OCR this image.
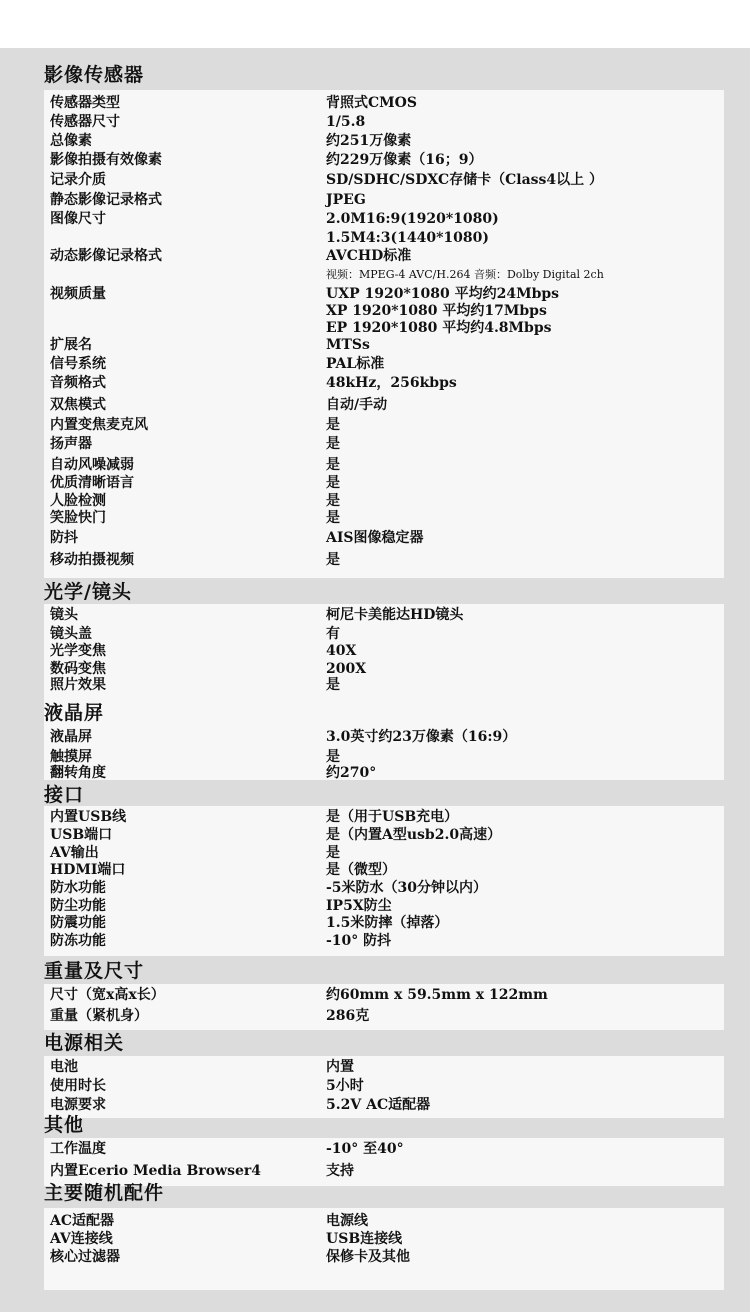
影像传感器
传感器类型	背照式CMOS
传感器尺寸	1/5.8
总像素	约251万像素
影像拍摄有效像素	约229万像素（16；9）
记录介质	SD/SDHC/SDXC存储卡（Class4以上 ）
静态影像记录格式	JPEG
图像尺寸	2.0M16:9(1920*1080)
1.5M4:3(1440*1080)
动态影像记录格式	AVCHD标准
视频：MPEG-4 AVC/H.264 音频：Dolby Digital 2ch
视频质量	UXP 1920*1080 平均约24Mbps
XP 1920*1080 平均约17Mbps
EP 1920*1080 平均约4.8Mbps
扩展名	MTSs
信号系统	PAL标准
音频格式	48kHz，256kbps
双焦模式	自动/手动
内置变焦麦克风	是
扬声器	是
自动风噪减弱	是
优质清晰语言	是
人脸检测	是
笑脸快门	是
防抖	AIS图像稳定器
移动拍摄视频	是
光学/镜头
镜头	柯尼卡美能达HD镜头
镜头盖	有
光学变焦	40X
数码变焦	200X
照片效果	是
液晶屏
液晶屏	3.0英寸约23万像素（16:9）
触摸屏	是
翻转角度	约270°
接口
内置USB线	是（用于USB充电）
USB端口	是（内置A型usb2.0高速）
AV输出	是
HDMI端口	是（微型）
防水功能	-5米防水（30分钟以内）
防尘功能	IP5X防尘
防震功能	1.5米防摔（掉落）
防冻功能	-10° 防抖
重量及尺寸
尺寸（宽x高x长）	约60mm x 59.5mm x 122mm
重量（紧机身）	286克
电源相关
电池	内置
使用时长	5小时
电源要求	5.2V AC适配器
其他
工作温度	-10° 至40°
内置Ecerio Media Browser4	支持
主要随机配件
AC适配器	电源线
AV连接线	USB连接线
核心过滤器	保修卡及其他
